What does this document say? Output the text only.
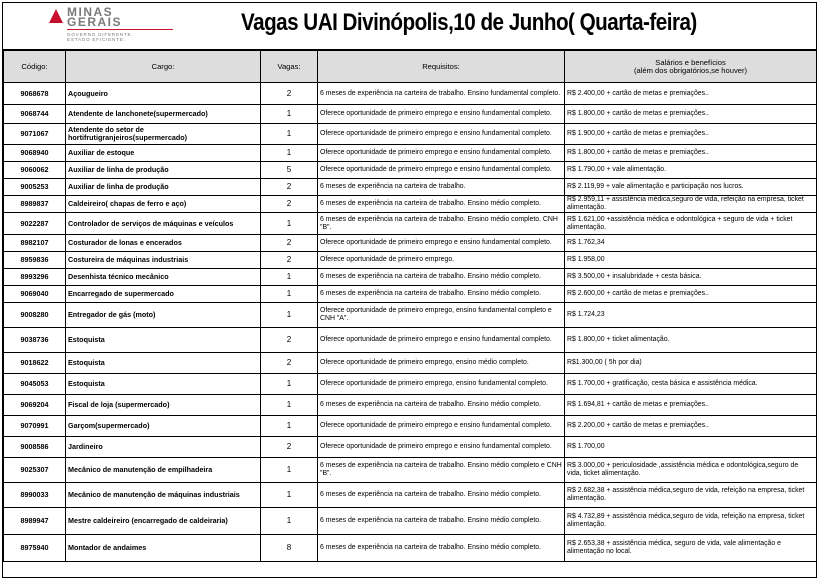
MINAS
GERAIS
GOVERNO DIFERENTE.
ESTADO EFICIENTE.
Vagas UAI Divinópolis,10 de Junho( Quarta-feira)
Código:	Cargo:	Vagas:	Requisitos:	Salários e benefícios
(além dos obrigatórios,se houver)

9068678	Açougueiro	2	6 meses de experiência na carteira de trabalho. Ensino fundamental completo.	R$ 2.400,00 + cartão de metas e premiações..
9068744	Atendente de lanchonete(supermercado)	1	Oferece oportunidade de primeiro emprego e ensino fundamental completo.	R$ 1.800,00 + cartão de metas e premiações..
9071067	Atendente do setor de hortifrutigranjeiros(supermercado)	1	Oferece oportunidade de primeiro emprego e ensino fundamental completo.	R$ 1.900,00 + cartão de metas e premiações..
9068940	Auxiliar de estoque	1	Oferece oportunidade de primeiro emprego e ensino fundamental completo.	R$ 1.800,00 + cartão de metas e premiações..
9060062	Auxiliar de linha de produção	5	Oferece oportunidade de primeiro emprego e ensino fundamental completo.	R$ 1.790,00 + vale alimentação.
9005253	Auxiliar de linha de produção	2	6 meses de experiência na carteira de trabalho.	R$ 2.119,99 + vale alimentação e participação nos lucros.
8989837	Caldeireiro( chapas de ferro e aço)	2	6 meses de experiência na carteira de trabalho. Ensino médio completo.	R$ 2.959,11 + assistência médica,seguro de vida, refeição na empresa, ticket alimentação.
9022287	Controlador de serviços de máquinas e veículos	1	6 meses de experiência na carteira de trabalho. Ensino médio completo. CNH "B".	R$ 1.621,00 +assistência médica e odontológica + seguro de vida + ticket alimentação.
8982107	Costurador de lonas e encerados	2	Oferece oportunidade de primeiro emprego e ensino fundamental completo.	R$ 1.762,34
8959836	Costureira de máquinas industriais	2	Oferece oportunidade de primeiro emprego.	R$ 1.958,00
8993296	Desenhista técnico mecânico	1	6 meses de experiência na carteira de trabalho. Ensino médio completo.	R$ 3.500,00 + insalubridade + cesta básica.
9069040	Encarregado de supermercado	1	6 meses de experiência na carteira de trabalho. Ensino médio completo.	R$ 2.600,00 + cartão de metas e premiações..
9008280	Entregador de gás (moto)	1	Oferece oportunidade de primeiro emprego, ensino fundamental completo e CNH "A".	R$ 1.724,23
9038736	Estoquista	2	Oferece oportunidade de primeiro emprego e ensino fundamental completo.	R$ 1.800,00 + ticket alimentação.
9018622	Estoquista	2	Oferece oportunidade de primeiro emprego, ensino médio completo.	R$1.300,00 ( 5h por dia)
9045053	Estoquista	1	Oferece oportunidade de primeiro emprego, ensino fundamental completo.	R$ 1.700,00 + gratificação, cesta básica e assistência médica.
9069204	Fiscal de loja (supermercado)	1	6 meses de experiência na carteira de trabalho. Ensino médio completo.	R$ 1.694,81 + cartão de metas e premiações..
9070991	Garçom(supermercado)	1	Oferece oportunidade de primeiro emprego e ensino fundamental completo.	R$ 2.200,00 + cartão de metas e premiações..
9008586	Jardineiro	2	Oferece oportunidade de primeiro emprego e ensino fundamental completo.	R$ 1.700,00
9025307	Mecânico de manutenção de empilhadeira	1	6 meses de experiência na carteira de trabalho. Ensino médio completo e CNH "B".	R$ 3.000,00 + periculosidade ,assistência médica e odontológica,seguro de vida, ticket alimentação.
8990033	Mecânico de manutenção de máquinas industriais	1	6 meses de experiência na carteira de trabalho. Ensino médio completo.	R$ 2.682,38 + assistência médica,seguro de vida, refeição na empresa, ticket alimentação.
8989947	Mestre caldeireiro (encarregado de caldeiraria)	1	6 meses de experiência na carteira de trabalho. Ensino médio completo.	R$ 4.732,89 + assistência médica,seguro de vida, refeição na empresa, ticket alimentação.
8975940	Montador de andaimes	8	6 meses de experiência na carteira de trabalho. Ensino médio completo.	R$ 2.653,38 + assistência médica, seguro de vida, vale alimentação e alimentação no local.
